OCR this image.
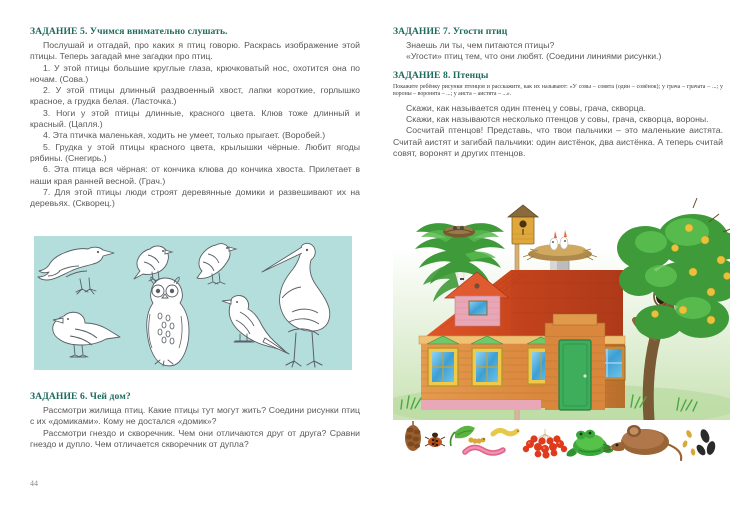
ЗАДАНИЕ 5. Учимся внимательно слушать.

Послушай и отгадай, про каких я птиц говорю. Раскрась изображение этой птицы. Теперь загадай мне загадки про птиц.

1. У этой птицы большие круглые глаза, крючковатый нос, охотится она по ночам. (Сова.)

2. У этой птицы длинный раздвоенный хвост, лапки короткие, горлышко красное, а грудка белая. (Ласточка.)

3. Ноги у этой птицы длинные, красного цвета. Клюв тоже длинный и красный. (Цапля.)

4. Эта птичка маленькая, ходить не умеет, только прыгает. (Воробей.)

5. Грудка у этой птицы красного цвета, крылышки чёрные. Любит ягоды рябины. (Снегирь.)

6. Эта птица вся чёрная: от кончика клюва до кончика хвоста. Прилетает в наши края ранней весной. (Грач.)

7. Для этой птицы люди строят деревянные домики и развешивают их на деревьях. (Скворец.)

ЗАДАНИЕ 6. Чей дом?

Рассмотри жилища птиц. Какие птицы тут могут жить? Соедини рисунки птиц с их «домиками». Кому не достался «домик»?

Рассмотри гнездо и скворечник. Чем они отличаются друг от друга? Сравни гнездо и дупло. Чем отличается скворечник от дупла?

ЗАДАНИЕ 7. Угости птиц

Знаешь ли ты, чем питаются птицы?

«Угости» птиц тем, что они любят. (Соедини линиями рисунки.)

ЗАДАНИЕ 8. Птенцы

Покажите ребёнку рисунки птенцов и расскажите, как их называют: «У совы – совята (один – совёнок); у грача – грачата – ...; у вороны – воронята – ...; у аиста – аистята – ...».

Скажи, как называется один птенец у совы, грача, скворца.

Скажи, как называются несколько птенцов у совы, грача, скворца, вороны.

Сосчитай птенцов! Представь, что твои пальчики – это маленькие аистята. Считай аистят и загибай пальчики: один аистёнок, два аистёнка. А теперь считай совят, воронят и других птенцов.

44
